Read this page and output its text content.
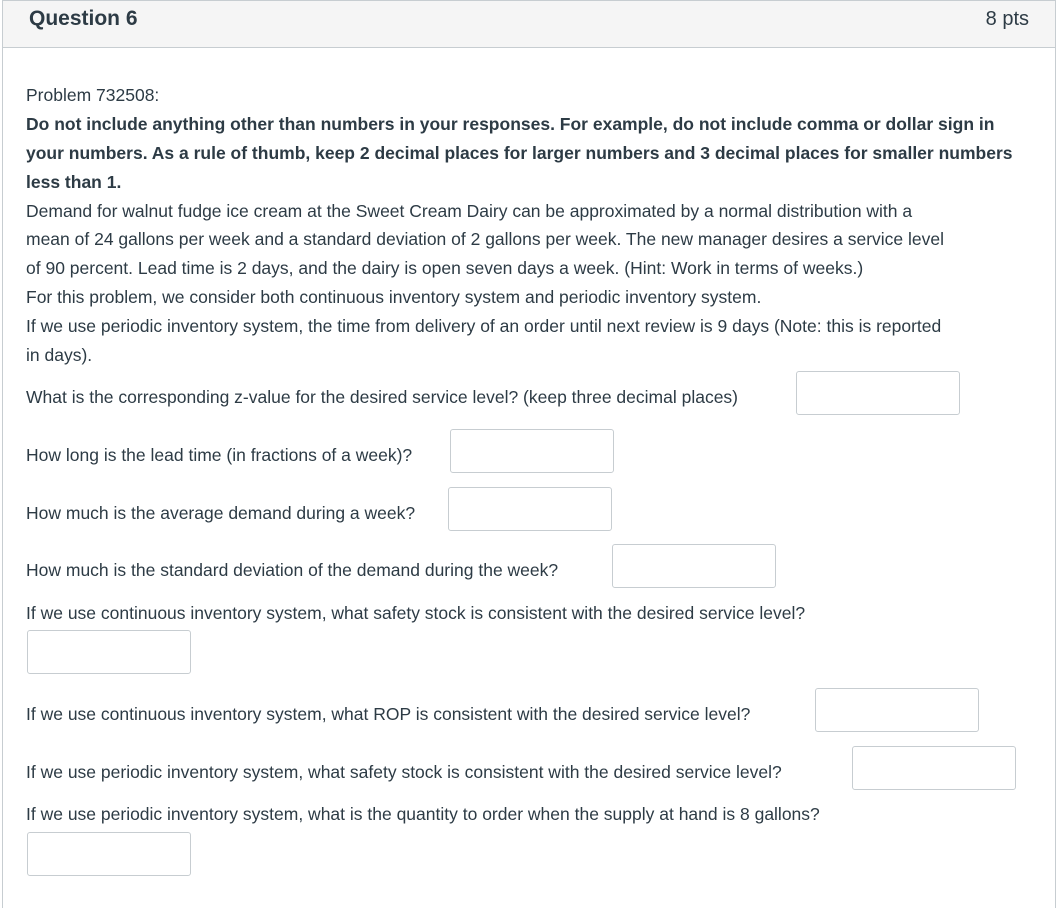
Question 6	8 pts
Problem 732508:
Do not include anything other than numbers in your responses. For example, do not include comma or dollar sign in
your numbers. As a rule of thumb, keep 2 decimal places for larger numbers and 3 decimal places for smaller numbers
less than 1.
Demand for walnut fudge ice cream at the Sweet Cream Dairy can be approximated by a normal distribution with a
mean of 24 gallons per week and a standard deviation of 2 gallons per week. The new manager desires a service level
of 90 percent. Lead time is 2 days, and the dairy is open seven days a week. (Hint: Work in terms of weeks.)
For this problem, we consider both continuous inventory system and periodic inventory system.
If we use periodic inventory system, the time from delivery of an order until next review is 9 days (Note: this is reported
in days).
What is the corresponding z-value for the desired service level? (keep three decimal places)
How long is the lead time (in fractions of a week)?
How much is the average demand during a week?
How much is the standard deviation of the demand during the week?
If we use continuous inventory system, what safety stock is consistent with the desired service level?
If we use continuous inventory system, what ROP is consistent with the desired service level?
If we use periodic inventory system, what safety stock is consistent with the desired service level?
If we use periodic inventory system, what is the quantity to order when the supply at hand is 8 gallons?
